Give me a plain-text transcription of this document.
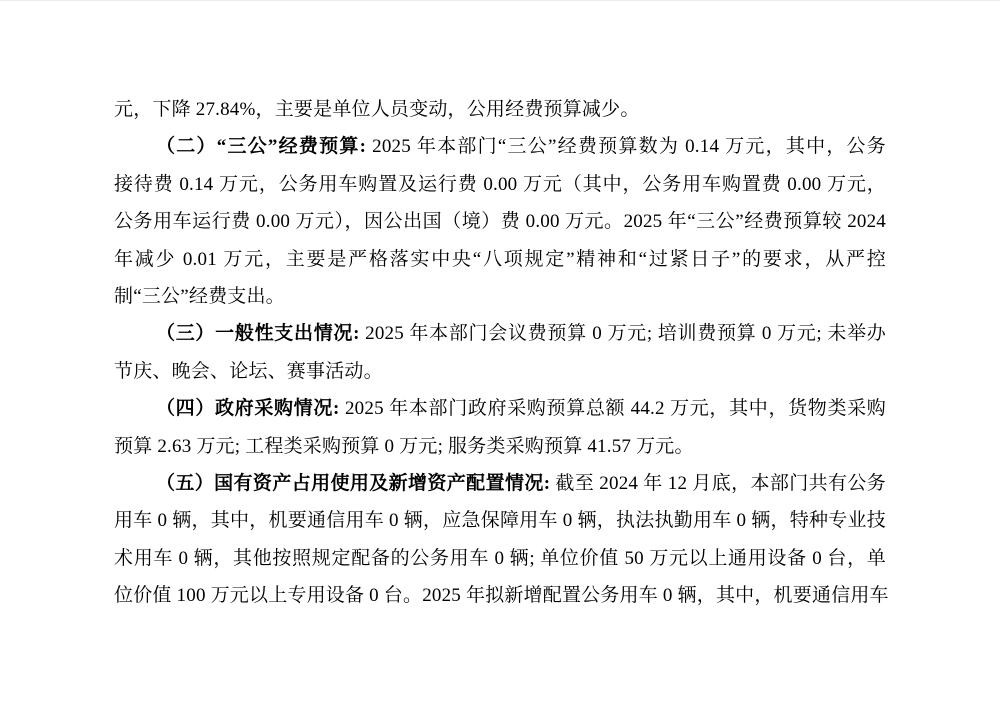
元，下降 27.84%，主要是单位人员变动，公用经费预算减少。
（二）“三公”经费预算: 2025 年本部门“三公”经费预算数为 0.14 万元，其中，公务
接待费 0.14 万元，公务用车购置及运行费 0.00 万元（其中，公务用车购置费 0.00 万元，
公务用车运行费 0.00 万元），因公出国（境）费 0.00 万元。2025 年“三公”经费预算较 2024
年减少 0.01 万元，主要是严格落实中央“八项规定”精神和“过紧日子”的要求，从严控
制“三公”经费支出。
（三）一般性支出情况: 2025 年本部门会议费预算 0 万元; 培训费预算 0 万元; 未举办
节庆、晚会、论坛、赛事活动。
（四）政府采购情况: 2025 年本部门政府采购预算总额 44.2 万元，其中，货物类采购
预算 2.63 万元; 工程类采购预算 0 万元; 服务类采购预算 41.57 万元。
（五）国有资产占用使用及新增资产配置情况: 截至 2024 年 12 月底，本部门共有公务
用车 0 辆，其中，机要通信用车 0 辆，应急保障用车 0 辆，执法执勤用车 0 辆，特种专业技
术用车 0 辆，其他按照规定配备的公务用车 0 辆; 单位价值 50 万元以上通用设备 0 台，单
位价值 100 万元以上专用设备 0 台。2025 年拟新增配置公务用车 0 辆，其中，机要通信用车
